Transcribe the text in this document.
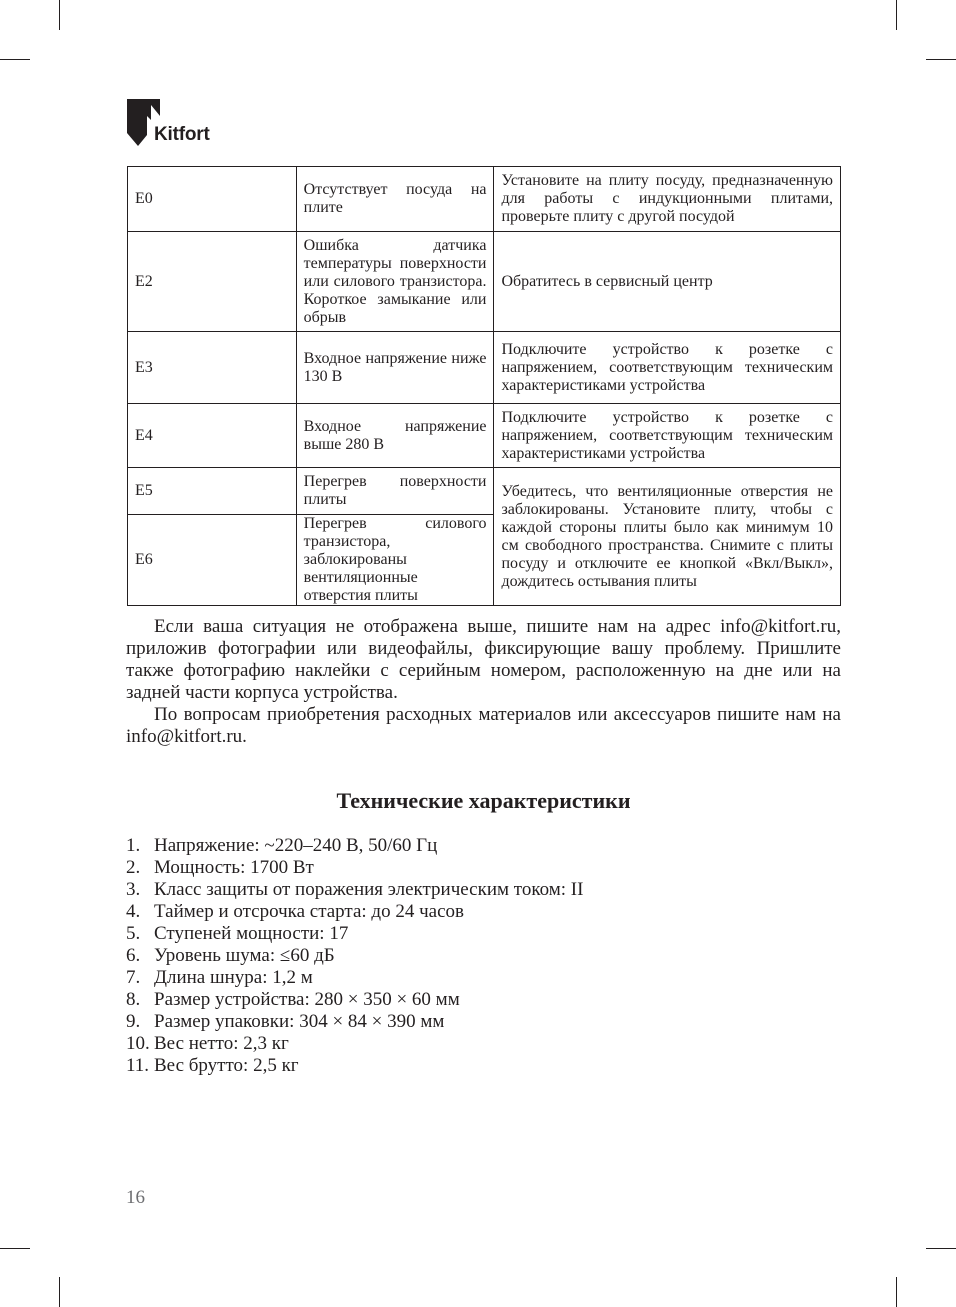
Kitfort
E0	Отсутствует посуда на плите	Установите на плиту посуду, предназначенную для работы с индукционными плитами, проверьте плиту с другой посудой
E2	Ошибка датчика температуры поверхности или силового транзистора. Короткое замыкание или обрыв	Обратитесь в сервисный центр
E3	Входное напряжение ниже 130 В	Подключите устройство к розетке с напряжением, соответствующим техническим характеристиками устройства
E4	Входное напряжение выше 280 В	Подключите устройство к розетке с напряжением, соответствующим техническим характеристиками устройства
E5	Перегрев поверхности плиты	Убедитесь, что вентиляционные отверстия не заблокированы. Установите плиту, чтобы с каждой стороны плиты было как минимум 10 см свободного пространства. Снимите с плиты посуду и отключите ее кнопкой «Вкл/Выкл», дождитесь остывания плиты
E6	Перегрев силового транзистора, заблокированы вентиляционные отверстия плиты	

Если ваша ситуация не отображена выше, пишите нам на адрес info@kitfort.ru, приложив фотографии или видеофайлы, фиксирующие вашу проблему. Пришлите также фотографию наклейки с серийным номером, расположенную на дне или на задней части корпуса устройства.

По вопросам приобретения расходных материалов или аксессуаров пишите нам на info@kitfort.ru.

Технические характеристики
1. Напряжение: ~220–240 В, 50/60 Гц
2. Мощность: 1700 Вт
3. Класс защиты от поражения электрическим током: II
4. Таймер и отсрочка старта: до 24 часов
5. Ступеней мощности: 17
6. Уровень шума: ≤60 дБ
7. Длина шнура: 1,2 м
8. Размер устройства: 280 × 350 × 60 мм
9. Размер упаковки: 304 × 84 × 390 мм
10. Вес нетто: 2,3 кг
11. Вес брутто: 2,5 кг
16
